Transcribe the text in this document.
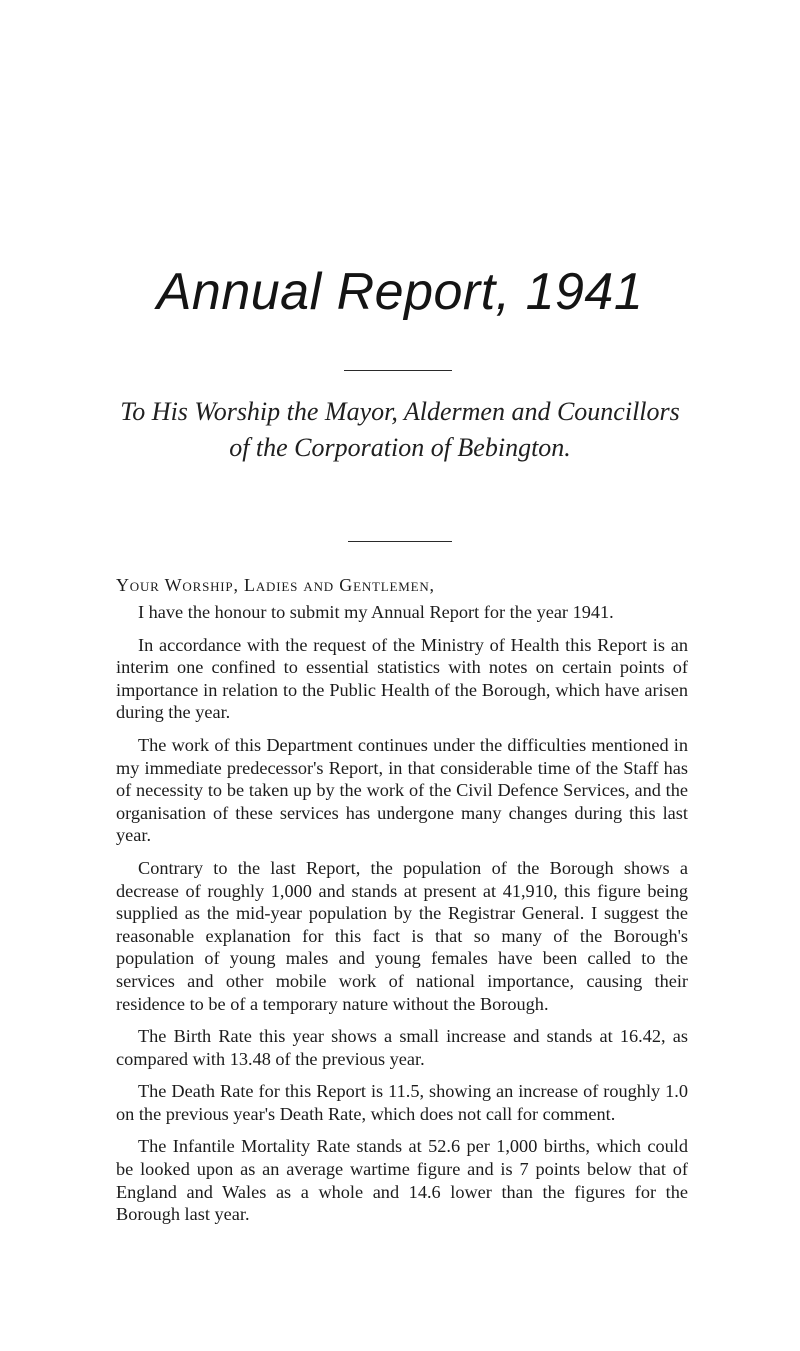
Annual Report, 1941
To His Worship the Mayor, Aldermen and Councillors
of the Corporation of Bebington.
Your Worship, Ladies and Gentlemen,

I have the honour to submit my Annual Report for the year 1941.

In accordance with the request of the Ministry of Health this Report is an interim one confined to essential statistics with notes on certain points of importance in relation to the Public Health of the Borough, which have arisen during the year.

The work of this Department continues under the difficulties mentioned in my immediate predecessor's Report, in that considerable time of the Staff has of necessity to be taken up by the work of the Civil Defence Services, and the organisation of these services has undergone many changes during this last year.

Contrary to the last Report, the population of the Borough shows a decrease of roughly 1,000 and stands at present at 41,910, this figure being supplied as the mid-year population by the Registrar General. I suggest the reasonable explanation for this fact is that so many of the Borough's population of young males and young females have been called to the services and other mobile work of national importance, causing their residence to be of a temporary nature without the Borough.

The Birth Rate this year shows a small increase and stands at 16.42, as compared with 13.48 of the previous year.

The Death Rate for this Report is 11.5, showing an increase of roughly 1.0 on the previous year's Death Rate, which does not call for comment.

The Infantile Mortality Rate stands at 52.6 per 1,000 births, which could be looked upon as an average wartime figure and is 7 points below that of England and Wales as a whole and 14.6 lower than the figures for the Borough last year.
